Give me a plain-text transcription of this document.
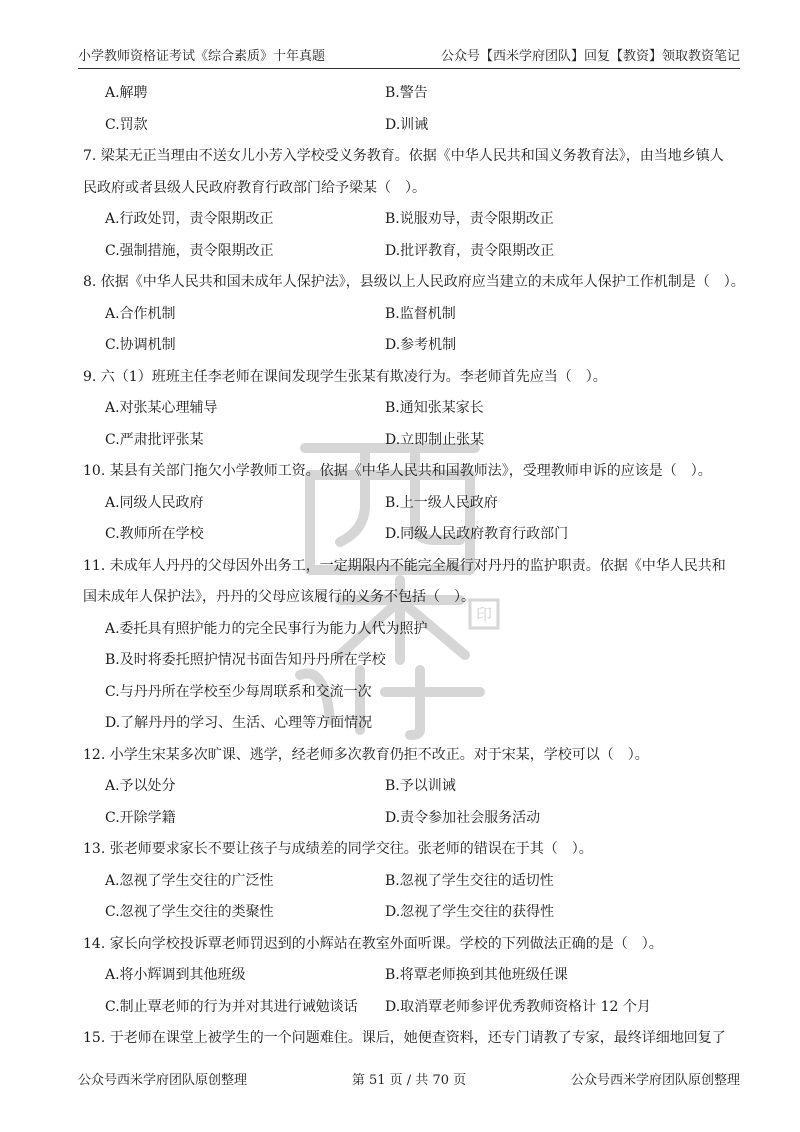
小学教师资格证考试《综合素质》十年真题	公众号【西米学府团队】回复【教资】领取教资笔记
印
A.解聘	B.警告
C.罚款	D.训诫
7. 梁某无正当理由不送女儿小芳入学校受义务教育。依据《中华人民共和国义务教育法》，由当地乡镇人
民政府或者县级人民政府教育行政部门给予梁某（　）。
A.行政处罚，责令限期改正	B.说服劝导，责令限期改正
C.强制措施，责令限期改正	D.批评教育，责令限期改正
8. 依据《中华人民共和国未成年人保护法》，县级以上人民政府应当建立的未成年人保护工作机制是（　）。
A.合作机制	B.监督机制
C.协调机制	D.参考机制
9. 六（1）班班主任李老师在课间发现学生张某有欺凌行为。李老师首先应当（　）。
A.对张某心理辅导	B.通知张某家长
C.严肃批评张某	D.立即制止张某
10. 某县有关部门拖欠小学教师工资。依据《中华人民共和国教师法》，受理教师申诉的应该是（　）。
A.同级人民政府	B.上一级人民政府
C.教师所在学校	D.同级人民政府教育行政部门
11. 未成年人丹丹的父母因外出务工，一定期限内不能完全履行对丹丹的监护职责。依据《中华人民共和
国未成年人保护法》，丹丹的父母应该履行的义务不包括（　）。
A.委托具有照护能力的完全民事行为能力人代为照护
B.及时将委托照护情况书面告知丹丹所在学校
C.与丹丹所在学校至少每周联系和交流一次
D.了解丹丹的学习、生活、心理等方面情况
12. 小学生宋某多次旷课、逃学，经老师多次教育仍拒不改正。对于宋某，学校可以（　）。
A.予以处分	B.予以训诫
C.开除学籍	D.责令参加社会服务活动
13. 张老师要求家长不要让孩子与成绩差的同学交往。张老师的错误在于其（　）。
A.忽视了学生交往的广泛性	B.忽视了学生交往的适切性
C.忽视了学生交往的类聚性	D.忽视了学生交往的获得性
14. 家长向学校投诉覃老师罚迟到的小辉站在教室外面听课。学校的下列做法正确的是（　）。
A.将小辉调到其他班级	B.将覃老师换到其他班级任课
C.制止覃老师的行为并对其进行诫勉谈话	D.取消覃老师参评优秀教师资格计 12 个月
15. 于老师在课堂上被学生的一个问题难住。课后，她便查资料，还专门请教了专家，最终详细地回复了
公众号西米学府团队原创整理	第 51 页 / 共 70 页	公众号西米学府团队原创整理
